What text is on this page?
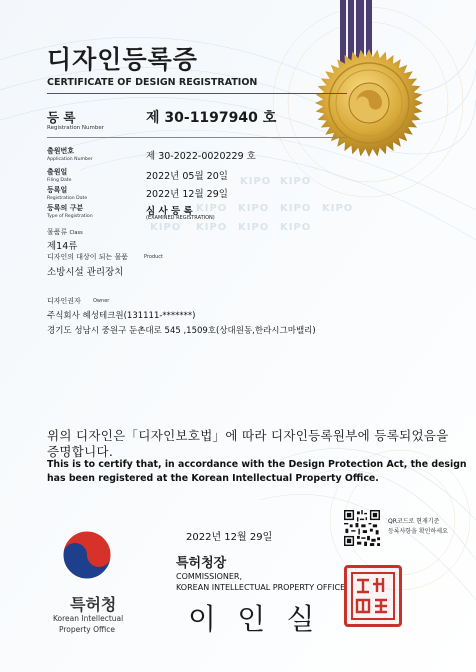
디자인등록증
CERTIFICATE OF DESIGN REGISTRATION
등 록
Registration Number
제 30-1197940 호
KIPO KIPO
KIPO KIPO KIPO KIPO
KIPO KIPO KIPO KIPO
출원번호
Application Number	제 30-2022-0020229 호
출원일
Filing Date	2022년 05월 20일
등록일
Registration Date	2022년 12월 29일
등록의 구분
Type of Registration	심 사 등 록
(EXAMINED REGISTRATION)
물품류 Class
제14류
디자인의 대상이 되는 물품	Product
소방시설 관리장치
디자인권자 Owner
주식회사 혜성테크원(131111-*******)
경기도 성남시 중원구 둔촌대로 545 ,1509호(상대원동,한라시그마밸리)
위의 디자인은「디자인보호법」에 따라 디자인등록원부에 등록되었음을
증명합니다.
This is to certify that, in accordance with the Design Protection Act, the design
has been registered at the Korean Intellectual Property Office.
2022년 12월 29일
QR코드로 현재기준
등록사항을 확인하세요
특허청장
COMMISSIONER,
KOREAN INTELLECTUAL PROPERTY OFFICE
이 인 실
특허청
Korean Intellectual
Property Office
